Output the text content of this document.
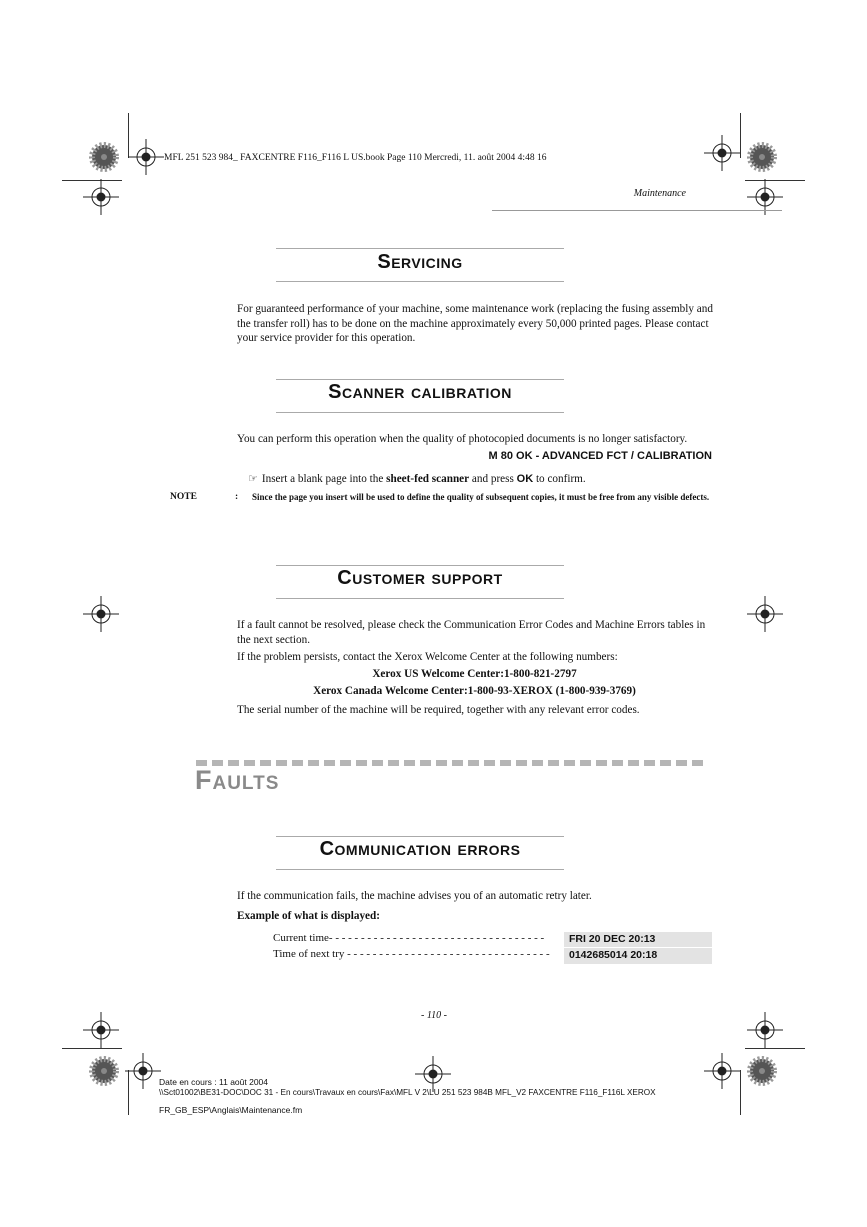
MFL 251 523 984_ FAXCENTRE F116_F116 L US.book Page 110 Mercredi, 11. août 2004 4:48 16
Maintenance
Servicing
For guaranteed performance of your machine, some maintenance work (replacing the fusing assembly and the transfer roll) has to be done on the machine approximately every 50,000 printed pages. Please contact your service provider for this operation.
Scanner calibration
You can perform this operation when the quality of photocopied documents is no longer satisfactory.
M 80 OK - ADVANCED FCT / CALIBRATION
☞ Insert a blank page into the sheet-fed scanner and press OK to confirm.
NOTE	: Since the page you insert will be used to define the quality of subsequent copies, it must be free from any visible defects.
Customer support
If a fault cannot be resolved, please check the Communication Error Codes and Machine Errors tables in the next section.
If the problem persists, contact the Xerox Welcome Center at the following numbers:
Xerox US Welcome Center:1-800-821-2797
Xerox Canada Welcome Center:1-800-93-XEROX (1-800-939-3769)
The serial number of the machine will be required, together with any relevant error codes.
Faults
Communication errors
If the communication fails, the machine advises you of an automatic retry later.
Example of what is displayed:
Current time- - - - - - - - - - - - - - - - - - - - - - - - - - - - - - - - - -	FRI 20 DEC 20:13
Time of next try - - - - - - - - - - - - - - - - - - - - - - - - - - - - - - - -	0142685014 20:18
- 110 -
Date en cours : 11 août 2004
\\Sct01002\BE31-DOC\DOC 31 - En cours\Travaux en cours\Fax\MFL V 2\LU 251 523 984B MFL_V2 FAXCENTRE F116_F116L XEROX
FR_GB_ESP\Anglais\Maintenance.fm
